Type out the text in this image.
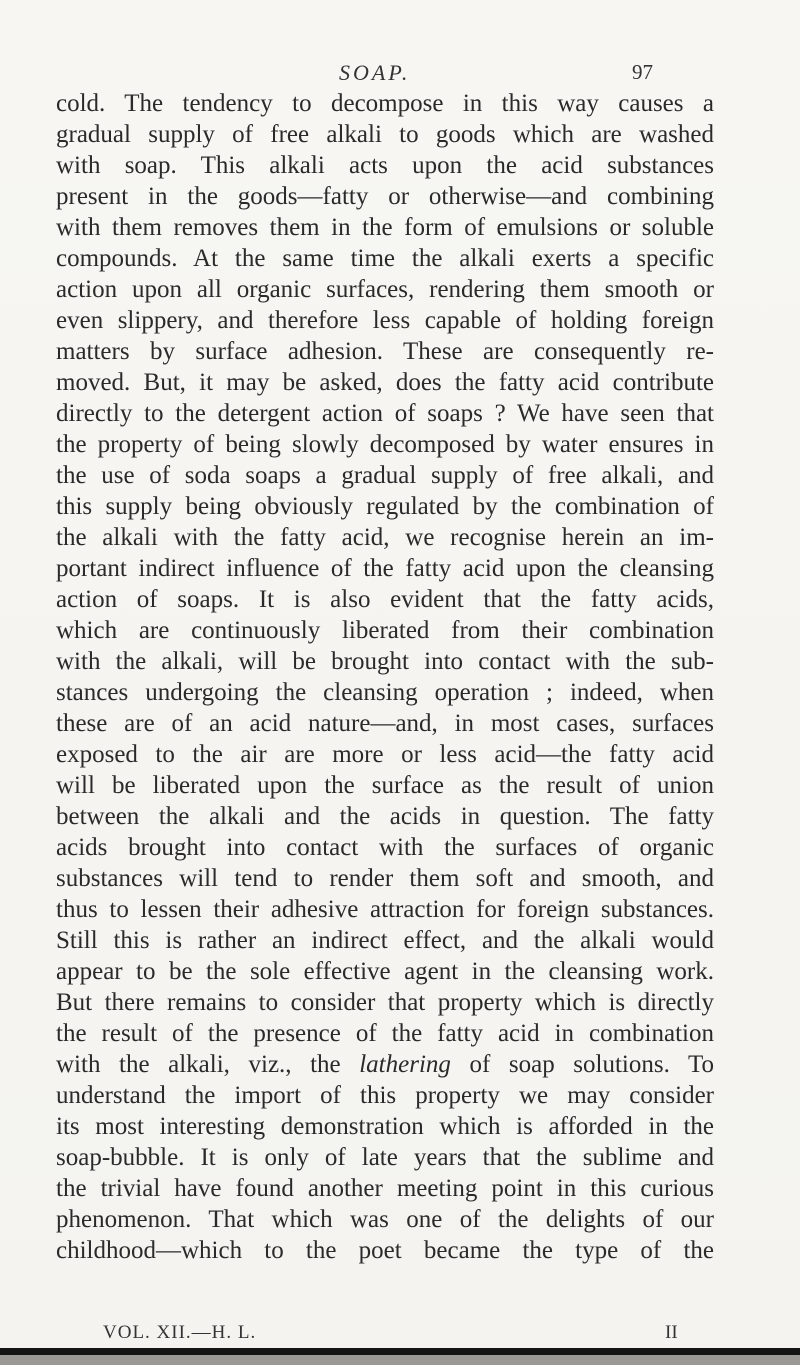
SOAP.	97
cold. The tendency to decompose in this way causes a
gradual supply of free alkali to goods which are washed
with soap. This alkali acts upon the acid substances
present in the goods—fatty or otherwise—and combining
with them removes them in the form of emulsions or soluble
compounds. At the same time the alkali exerts a specific
action upon all organic surfaces, rendering them smooth or
even slippery, and therefore less capable of holding foreign
matters by surface adhesion. These are consequently re-
moved. But, it may be asked, does the fatty acid contribute
directly to the detergent action of soaps ? We have seen that
the property of being slowly decomposed by water ensures in
the use of soda soaps a gradual supply of free alkali, and
this supply being obviously regulated by the combination of
the alkali with the fatty acid, we recognise herein an im-
portant indirect influence of the fatty acid upon the cleansing
action of soaps. It is also evident that the fatty acids,
which are continuously liberated from their combination
with the alkali, will be brought into contact with the sub-
stances undergoing the cleansing operation ; indeed, when
these are of an acid nature—and, in most cases, surfaces
exposed to the air are more or less acid—the fatty acid
will be liberated upon the surface as the result of union
between the alkali and the acids in question. The fatty
acids brought into contact with the surfaces of organic
substances will tend to render them soft and smooth, and
thus to lessen their adhesive attraction for foreign substances.
Still this is rather an indirect effect, and the alkali would
appear to be the sole effective agent in the cleansing work.
But there remains to consider that property which is directly
the result of the presence of the fatty acid in combination
with the alkali, viz., the lathering of soap solutions. To
understand the import of this property we may consider
its most interesting demonstration which is afforded in the
soap-bubble. It is only of late years that the sublime and
the trivial have found another meeting point in this curious
phenomenon. That which was one of the delights of our
childhood—which to the poet became the type of the
VOL. XII.—H. L.	II
